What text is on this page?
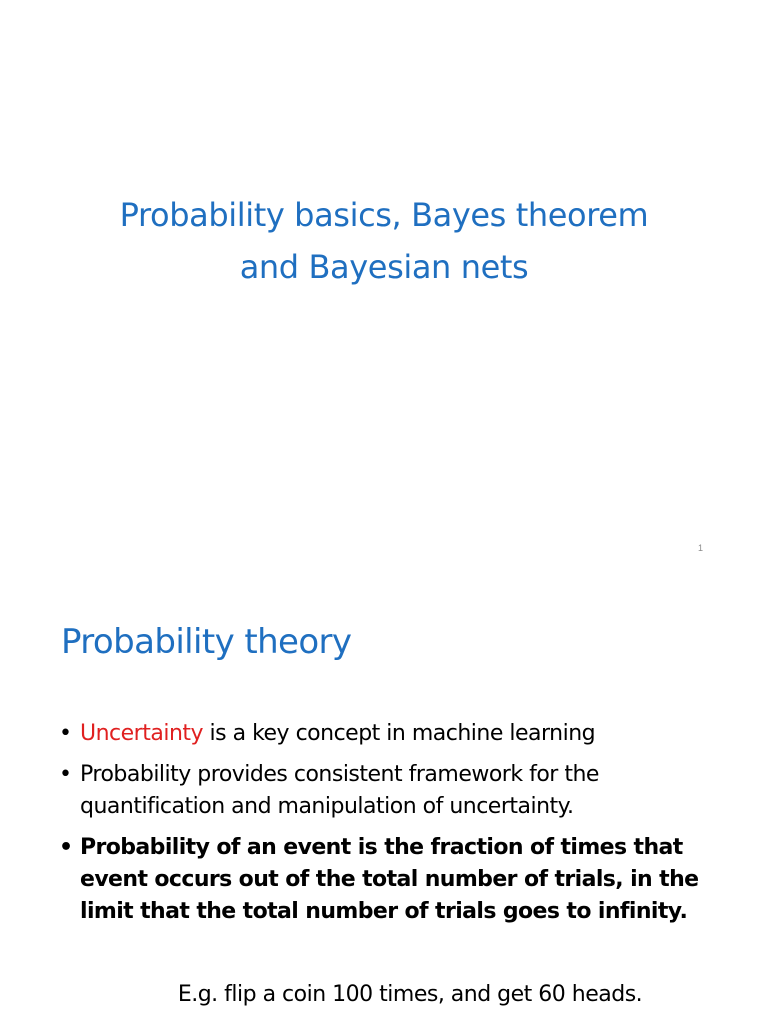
Probability basics, Bayes theorem
and Bayesian nets
1
Probability theory
• Uncertainty is a key concept in machine learning
• Probability provides consistent framework for the quantification and manipulation of uncertainty.
• Probability of an event is the fraction of times that event occurs out of the total number of trials, in the limit that the total number of trials goes to infinity.
E.g. flip a coin 100 times, and get 60 heads.
